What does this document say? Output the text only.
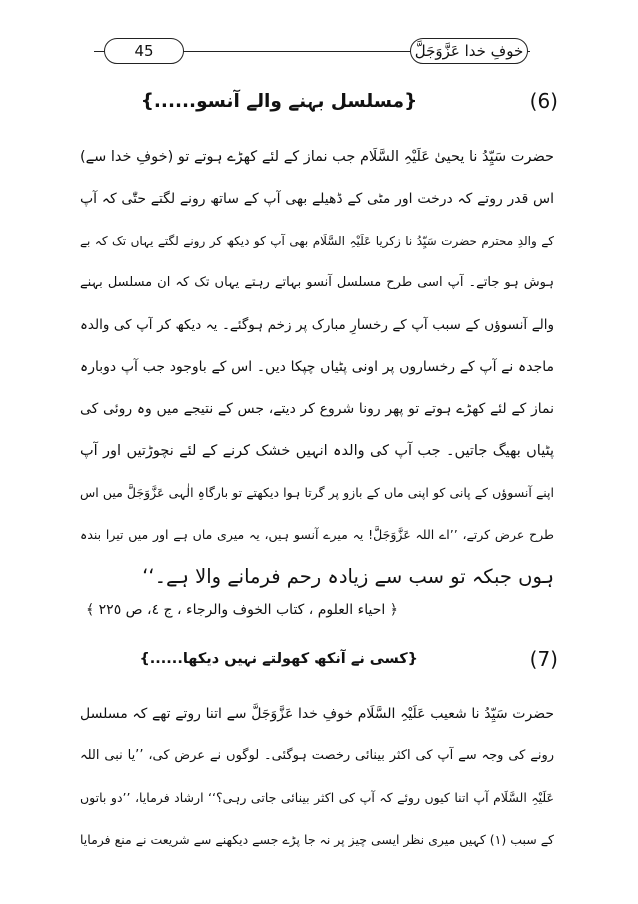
خوفِ خدا عَزَّوَجَلَّ
45
(6)
{مسلسل بہنے والے آنسو......}
حضرت سَیِّدُ نا یحییٰ عَلَیْہِ السَّلَام جب نماز کے لئے کھڑے ہوتے تو (خوفِ خدا سے)
اس قدر روتے کہ درخت اور مٹی کے ڈھیلے بھی آپ کے ساتھ رونے لگتے حتّٰی کہ آپ
کے والدِ محترم حضرت سَیِّدُ نا زکریا عَلَیْہِ السَّلَام بھی آپ کو دیکھ کر رونے لگتے یہاں تک کہ بے
ہوش ہو جاتے۔ آپ اسی طرح مسلسل آنسو بہاتے رہتے یہاں تک کہ ان مسلسل بہنے
والے آنسوؤں کے سبب آپ کے رخسارِ مبارک پر زخم ہوگئے۔ یہ دیکھ کر آپ کی والدہ
ماجدہ نے آپ کے رخساروں پر اونی پٹیاں چپکا دیں۔ اس کے باوجود جب آپ دوبارہ
نماز کے لئے کھڑے ہوتے تو پھر رونا شروع کر دیتے، جس کے نتیجے میں وہ روئی کی
پٹیاں بھیگ جاتیں۔ جب آپ کی والدہ انہیں خشک کرنے کے لئے نچوڑتیں اور آپ
اپنے آنسوؤں کے پانی کو اپنی ماں کے بازو پر گرتا ہوا دیکھتے تو بارگاہِ الٰہی عَزَّوَجَلَّ میں اس
طرح عرض کرتے، ’’اے اللہ عَزَّوَجَلَّ! یہ میرے آنسو ہیں، یہ میری ماں ہے اور میں تیرا بندہ
ہوں جبکہ تو سب سے زیادہ رحم فرمانے والا ہے۔‘‘
﴿ احیاء العلوم ، کتاب الخوف والرجاء ، ج ٤، ص ٢٢٥ ﴾
(7)
{کسی نے آنکھ کھولتے نہیں دیکھا......}
حضرت سَیِّدُ نا شعیب عَلَیْہِ السَّلَام خوفِ خدا عَزَّوَجَلَّ سے اتنا روتے تھے کہ مسلسل
رونے کی وجہ سے آپ کی اکثر بینائی رخصت ہوگئی۔ لوگوں نے عرض کی، ’’یا نبی اللہ
عَلَیْہِ السَّلَام آپ اتنا کیوں روئے کہ آپ کی اکثر بینائی جاتی رہی؟‘‘ ارشاد فرمایا، ’’دو باتوں
کے سبب (۱) کہیں میری نظر ایسی چیز پر نہ جا پڑے جسے دیکھنے سے شریعت نے منع فرمایا
